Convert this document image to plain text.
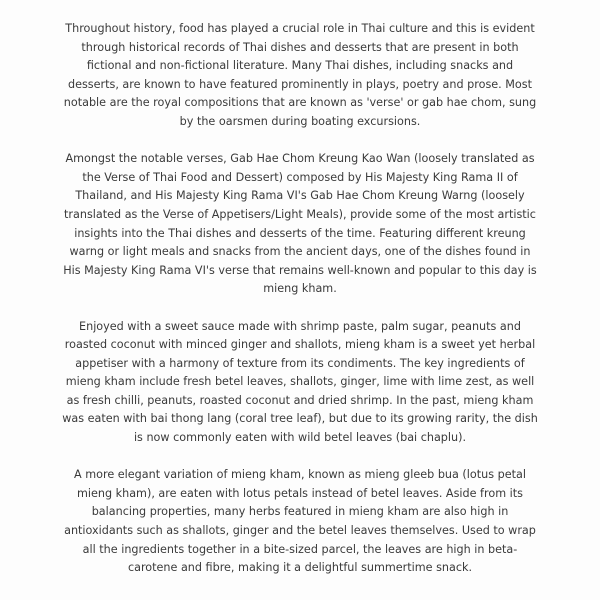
Throughout history, food has played a crucial role in Thai culture and this is evident through historical records of Thai dishes and desserts that are present in both fictional and non-fictional literature. Many Thai dishes, including snacks and desserts, are known to have featured prominently in plays, poetry and prose. Most notable are the royal compositions that are known as 'verse' or gab hae chom, sung by the oarsmen during boating excursions.

Amongst the notable verses, Gab Hae Chom Kreung Kao Wan (loosely translated as the Verse of Thai Food and Dessert) composed by His Majesty King Rama II of Thailand, and His Majesty King Rama VI's Gab Hae Chom Kreung Warng (loosely translated as the Verse of Appetisers/Light Meals), provide some of the most artistic insights into the Thai dishes and desserts of the time. Featuring different kreung warng or light meals and snacks from the ancient days, one of the dishes found in His Majesty King Rama VI's verse that remains well-known and popular to this day is mieng kham.

Enjoyed with a sweet sauce made with shrimp paste, palm sugar, peanuts and roasted coconut with minced ginger and shallots, mieng kham is a sweet yet herbal appetiser with a harmony of texture from its condiments. The key ingredients of mieng kham include fresh betel leaves, shallots, ginger, lime with lime zest, as well as fresh chilli, peanuts, roasted coconut and dried shrimp. In the past, mieng kham was eaten with bai thong lang (coral tree leaf), but due to its growing rarity, the dish is now commonly eaten with wild betel leaves (bai chaplu).

A more elegant variation of mieng kham, known as mieng gleeb bua (lotus petal mieng kham), are eaten with lotus petals instead of betel leaves. Aside from its balancing properties, many herbs featured in mieng kham are also high in antioxidants such as shallots, ginger and the betel leaves themselves. Used to wrap all the ingredients together in a bite-sized parcel, the leaves are high in beta-carotene and fibre, making it a delightful summertime snack.
